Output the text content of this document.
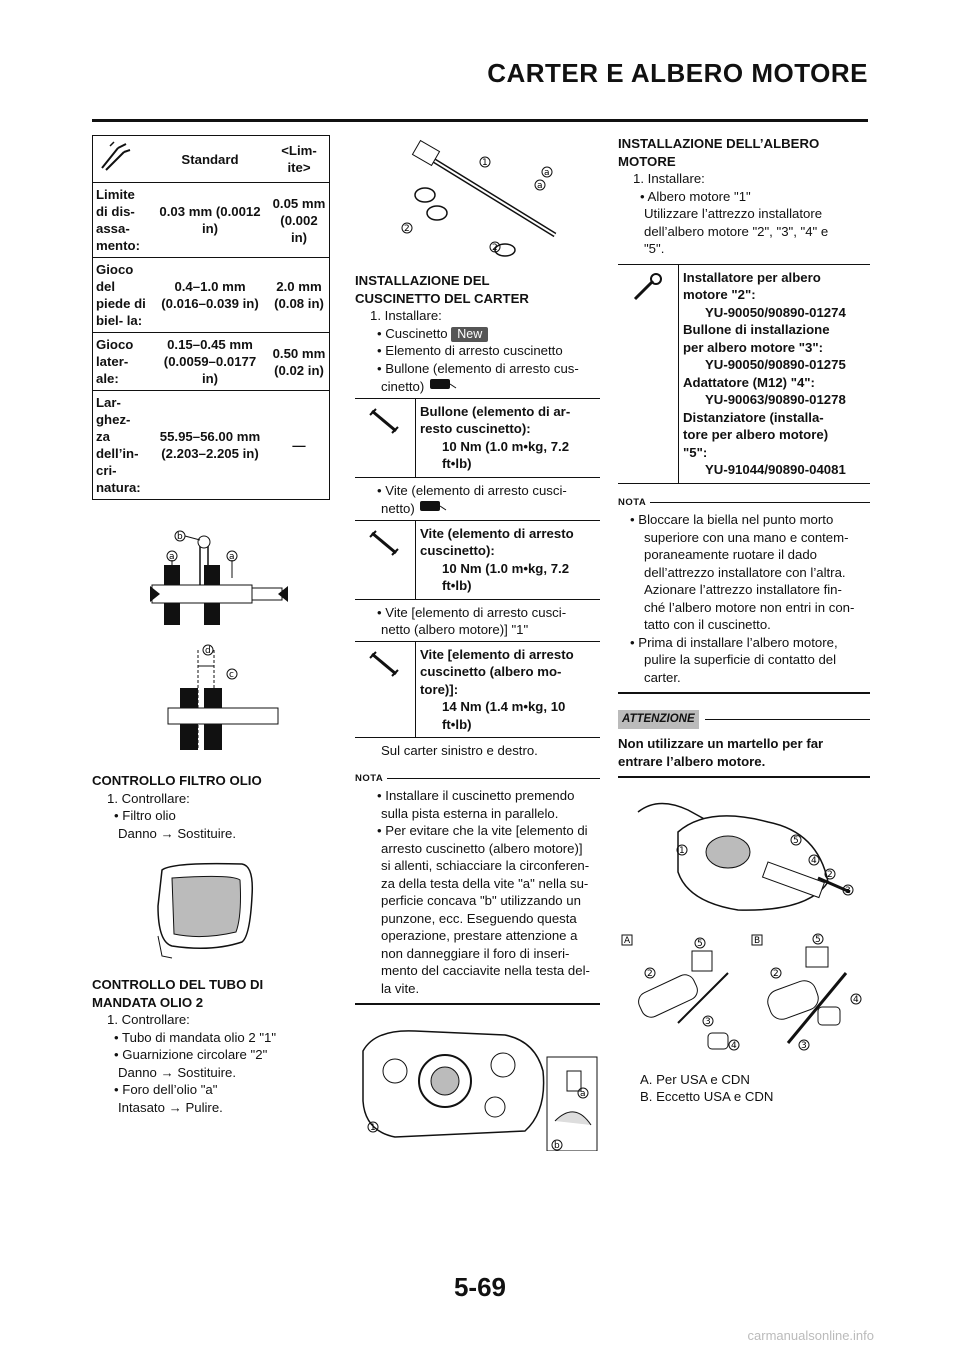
CARTER E ALBERO MOTORE
	Standard	<Lim- ite>
Limite di dis- assa- mento:	0.03 mm (0.0012 in)	0.05 mm (0.002 in)
Gioco del piede di biel- la:	0.4–1.0 mm (0.016–0.039 in)	2.0 mm (0.08 in)
Gioco later- ale:	0.15–0.45 mm (0.0059–0.0177 in)	0.50 mm (0.02 in)
Lar- ghez- za dell’in- cri- natura:	55.95–56.00 mm (2.203–2.205 in)	—
a	a
b
d
c

CONTROLLO FILTRO OLIO

1. Controllare:

• Filtro olio

Danno → Sostituire.

CONTROLLO DEL TUBO DI

MANDATA OLIO 2

1. Controllare:

• Tubo di mandata olio 2 "1"

• Guarnizione circolare "2"

Danno → Sostituire.

• Foro dell’olio "a"

Intasato → Pulire.

1
a
a
2
2

INSTALLAZIONE DEL

CUSCINETTO DEL CARTER

1. Installare:

• Cuscinetto New

• Elemento di arresto cuscinetto

• Bullone (elemento di arresto cus-

cinetto)

Bullone (elemento di ar-
resto cuscinetto):
10 Nm (1.0 m•kg, 7.2
ft•lb)

• Vite (elemento di arresto cusci-

netto)

Vite (elemento di arresto
cuscinetto):
10 Nm (1.0 m•kg, 7.2
ft•lb)

• Vite [elemento di arresto cusci-

netto (albero motore)] "1"

Vite [elemento di arresto
cuscinetto (albero mo-
tore)]:
14 Nm (1.4 m•kg, 10
ft•lb)

Sul carter sinistro e destro.

NOTA

• Installare il cuscinetto premendo

sulla pista esterna in parallelo.

• Per evitare che la vite [elemento di

arresto cuscinetto (albero motore)]

si allenti, schiacciare la circonferen-

za della testa della vite "a" nella su-

perficie concava "b" utilizzando un

punzone, ecc. Eseguendo questa

operazione, prestare attenzione a

non danneggiare il foro di inseri-

mento del cacciavite nella testa del-

la vite.

1
a
b

INSTALLAZIONE DELL’ALBERO

MOTORE

1. Installare:

• Albero motore "1"

Utilizzare l’attrezzo installatore

dell’albero motore "2", "3", "4" e

"5".

Installatore per albero
motore "2":
YU-90050/90890-01274
Bullone di installazione
per albero motore "3":
YU-90050/90890-01275
Adattatore (M12) "4":
YU-90063/90890-01278
Distanziatore (installa-
tore per albero motore)
"5":
YU-91044/90890-04081
NOTA

• Bloccare la biella nel punto morto

superiore con una mano e contem-

poraneamente ruotare il dado

dell’attrezzo installatore con l’altra.

Azionare l’attrezzo installatore fin-

ché l’albero motore non entri in con-

tatto con il cuscinetto.

• Prima di installare l’albero motore,

pulire la superficie di contatto del

carter.

ATTENZIONE

Non utilizzare un martello per far

entrare l’albero motore.

1
5
4
2
3
A	B
5
2
3
4
5
2
4
3

A. Per USA e CDN

B. Eccetto USA e CDN

5-69
carmanualsonline.info
